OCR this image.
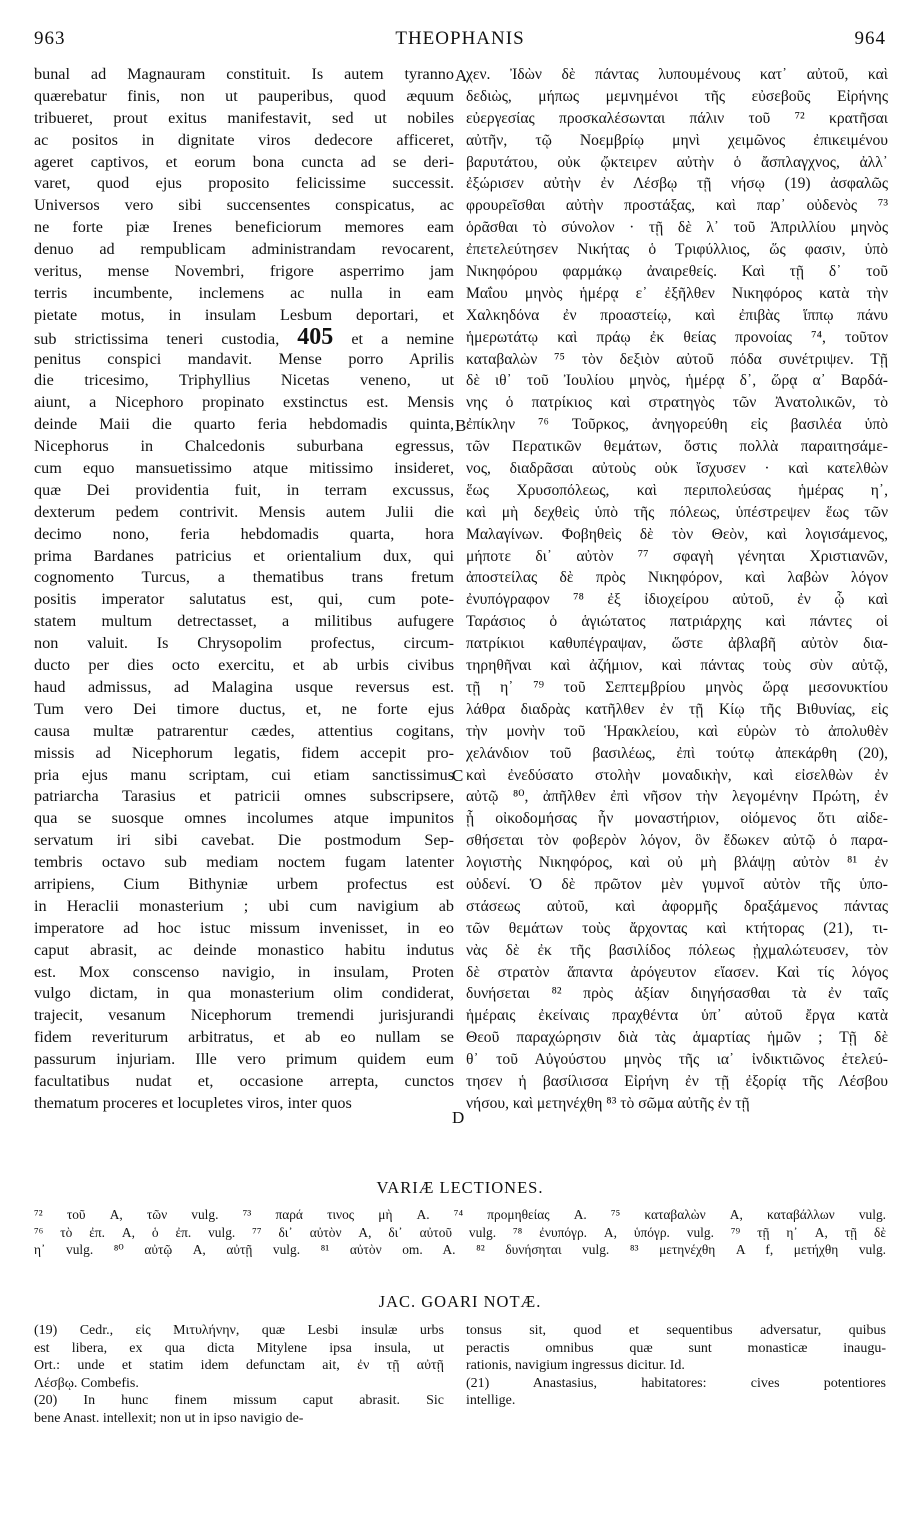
963	THEOPHANIS	964
A
B
C
D
bunal ad Magnauram constituit. Is autem tyranno
quærebatur finis, non ut pauperibus, quod æquum
tribueret, prout exitus manifestavit, sed ut nobiles
ac positos in dignitate viros dedecore afficeret,
ageret captivos, et eorum bona cuncta ad se deri-
varet, quod ejus proposito felicissime successit.
Universos vero sibi succensentes conspicatus, ac
ne forte piæ Irenes beneficiorum memores eam
denuo ad rempublicam administrandam revocarent,
veritus, mense Novembri, frigore asperrimo jam
terris incumbente, inclemens ac nulla in eam
pietate motus, in insulam Lesbum deportari, et
sub strictissima teneri custodia, 405 et a nemine
penitus conspici mandavit. Mense porro Aprilis
die tricesimo, Triphyllius Nicetas veneno, ut
aiunt, a Nicephoro propinato exstinctus est. Mensis
deinde Maii die quarto feria hebdomadis quinta,
Nicephorus in Chalcedonis suburbana egressus,
cum equo mansuetissimo atque mitissimo insideret,
quæ Dei providentia fuit, in terram excussus,
dexterum pedem contrivit. Mensis autem Julii die
decimo nono, feria hebdomadis quarta, hora
prima Bardanes patricius et orientalium dux, qui
cognomento Turcus, a thematibus trans fretum
positis imperator salutatus est, qui, cum pote-
statem multum detrectasset, a militibus aufugere
non valuit. Is Chrysopolim profectus, circum-
ducto per dies octo exercitu, et ab urbis civibus
haud admissus, ad Malagina usque reversus est.
Tum vero Dei timore ductus, et, ne forte ejus
causa multæ patrarentur cædes, attentius cogitans,
missis ad Nicephorum legatis, fidem accepit pro-
pria ejus manu scriptam, cui etiam sanctissimus
patriarcha Tarasius et patricii omnes subscripsere,
qua se suosque omnes incolumes atque impunitos
servatum iri sibi cavebat. Die postmodum Sep-
tembris octavo sub mediam noctem fugam latenter
arripiens, Cium Bithyniæ urbem profectus est
in Heraclii monasterium ; ubi cum navigium ab
imperatore ad hoc istuc missum invenisset, in eo
caput abrasit, ac deinde monastico habitu indutus
est. Mox conscenso navigio, in insulam, Proten
vulgo dictam, in qua monasterium olim condiderat,
trajecit, vesanum Nicephorum tremendi jurisjurandi
fidem reveriturum arbitratus, et ab eo nullam se
passurum injuriam. Ille vero primum quidem eum
facultatibus nudat et, occasione arrepta, cunctos
thematum proceres et locupletes viros, inter quos
χεν. Ἰδὼν δὲ πάντας λυπουμένους κατ᾽ αὐτοῦ, καὶ
δεδιὼς, μήπως μεμνημένοι τῆς εὐσεβοῦς Εἰρήνης
εὐεργεσίας προσκαλέσωνται πάλιν τοῦ ⁷² κρατῆσαι
αὐτῆν, τῷ Νοεμβρίῳ μηνὶ χειμῶνος ἐπικειμένου
βαρυτάτου, οὐκ ᾤκτειρεν αὐτὴν ὁ ἄσπλαγχνος, ἀλλ᾽
ἐξώρισεν αὐτὴν ἐν Λέσβῳ τῇ νήσῳ (19) ἀσφαλῶς
φρουρεῖσθαι αὐτὴν προστάξας, καὶ παρ᾽ οὐδενὸς ⁷³
ὁρᾶσθαι τὸ σύνολον · τῇ δὲ λ᾽ τοῦ Ἀπριλλίου μηνὸς
ἐπετελεύτησεν Νικήτας ὁ Τριφύλλιος, ὥς φασιν, ὑπὸ
Νικηφόρου φαρμάκῳ ἀναιρεθείς. Καὶ τῇ δ᾽ τοῦ
Μαΐου μηνὸς ἡμέρᾳ ε᾽ ἐξῆλθεν Νικηφόρος κατὰ τὴν
Χαλκηδόνα ἐν προαστείῳ, καὶ ἐπιβὰς ἵππῳ πάνυ
ἡμερωτάτῳ καὶ πράῳ ἐκ θείας προνοίας ⁷⁴, τοῦτον
καταβαλὼν ⁷⁵ τὸν δεξιὸν αὐτοῦ πόδα συνέτριψεν. Τῇ
δὲ ιθ᾽ τοῦ Ἰουλίου μηνὸς, ἡμέρᾳ δ᾽, ὥρᾳ α᾽ Βαρδά-
νης ὁ πατρίκιος καὶ στρατηγὸς τῶν Ἀνατολικῶν, τὸ
ἐπίκλην ⁷⁶ Τοῦρκος, ἀνηγορεύθη εἰς βασιλέα ὑπὸ
τῶν Περατικῶν θεμάτων, ὅστις πολλὰ παραιτησάμε-
νος, διαδρᾶσαι αὐτοὺς οὐκ ἴσχυσεν · καὶ κατελθὼν
ἕως Χρυσοπόλεως, καὶ περιπολεύσας ἡμέρας η᾽,
καὶ μὴ δεχθεὶς ὑπὸ τῆς πόλεως, ὑπέστρεψεν ἕως τῶν
Μαλαγίνων. Φοβηθεὶς δὲ τὸν Θεὸν, καὶ λογισάμενος,
μήποτε δι᾽ αὐτὸν ⁷⁷ σφαγὴ γένηται Χριστιανῶν,
ἀποστείλας δὲ πρὸς Νικηφόρον, καὶ λαβὼν λόγον
ἐνυπόγραφον ⁷⁸ ἐξ ἰδιοχείρου αὐτοῦ, ἐν ᾧ καὶ
Ταράσιος ὁ ἁγιώτατος πατριάρχης καὶ πάντες οἱ
πατρίκιοι καθυπέγραψαν, ὥστε ἀβλαβῆ αὐτὸν δια-
τηρηθῆναι καὶ ἀζήμιον, καὶ πάντας τοὺς σὺν αὐτῷ,
τῇ η᾽ ⁷⁹ τοῦ Σεπτεμβρίου μηνὸς ὥρᾳ μεσονυκτίου
λάθρα διαδρὰς κατῆλθεν ἐν τῇ Κίῳ τῆς Βιθυνίας, εἰς
τὴν μονὴν τοῦ Ἡρακλείου, καὶ εὑρὼν τὸ ἀπολυθὲν
χελάνδιον τοῦ βασιλέως, ἐπὶ τούτῳ ἀπεκάρθη (20),
καὶ ἐνεδύσατο στολὴν μοναδικὴν, καὶ εἰσελθὼν ἐν
αὐτῷ ⁸⁰, ἀπῆλθεν ἐπὶ νῆσον τὴν λεγομένην Πρώτη, ἐν
ᾗ οἰκοδομήσας ἦν μοναστήριον, οἰόμενος ὅτι αἰδε-
σθήσεται τὸν φοβερὸν λόγον, ὃν ἔδωκεν αὐτῷ ὁ παρα-
λογιστὴς Νικηφόρος, καὶ οὐ μὴ βλάψῃ αὐτὸν ⁸¹ ἐν
οὐδενί. Ὁ δὲ πρῶτον μὲν γυμνοῖ αὐτὸν τῆς ὑπο-
στάσεως αὐτοῦ, καὶ ἀφορμῆς δραξάμενος πάντας
τῶν θεμάτων τοὺς ἄρχοντας καὶ κτήτορας (21), τι-
νὰς δὲ ἐκ τῆς βασιλίδος πόλεως ᾐχμαλώτευσεν, τὸν
δὲ στρατὸν ἅπαντα ἀρόγευτον εἴασεν. Καὶ τίς λόγος
δυνήσεται ⁸² πρὸς ἀξίαν διηγήσασθαι τὰ ἐν ταῖς
ἡμέραις ἐκείναις πραχθέντα ὑπ᾽ αὐτοῦ ἔργα κατὰ
Θεοῦ παραχώρησιν διὰ τὰς ἁμαρτίας ἡμῶν ; Τῇ δὲ
θ᾽ τοῦ Αὐγούστου μηνὸς τῆς ια᾽ ἰνδικτιῶνος ἐτελεύ-
τησεν ἡ βασίλισσα Εἰρήνη ἐν τῇ ἐξορίᾳ τῆς Λέσβου
νήσου, καὶ μετηνέχθη ⁸³ τὸ σῶμα αὐτῆς ἐν τῇ
VARIÆ LECTIONES.
⁷² τοῦ A, τῶν vulg. ⁷³ παρά τινος μὴ A. ⁷⁴ προμηθείας A. ⁷⁵ καταβαλὼν A, καταβάλλων vulg.
⁷⁶ τὸ ἐπ. A, ὁ ἐπ. vulg. ⁷⁷ δι᾽ αὐτὸν A, δι᾽ αὐτοῦ vulg. ⁷⁸ ἐνυπόγρ. A, ὑπόγρ. vulg. ⁷⁹ τῇ η᾽ A, τῇ δὲ
η᾽ vulg. ⁸⁰ αὐτῷ A, αὐτῇ vulg. ⁸¹ αὐτὸν om. A. ⁸² δυνήσηται vulg. ⁸³ μετηνέχθη A f, μετήχθη vulg.
JAC. GOARI NOTÆ.
(19) Cedr., εἰς Μιτυλήνην, quæ Lesbi insulæ urbs
est libera, ex qua dicta Mitylene ipsa insula, ut
Ort.: unde et statim idem defunctam ait, ἐν τῇ αὐτῇ
Λέσβῳ. Combefis.
(20) In hunc finem missum caput abrasit. Sic
bene Anast. intellexit; non ut in ipso navigio de-
tonsus sit, quod et sequentibus adversatur, quibus
peractis omnibus quæ sunt monasticæ inaugu-
rationis, navigium ingressus dicitur. Id.
(21) Anastasius, habitatores: cives potentiores
intellige.
